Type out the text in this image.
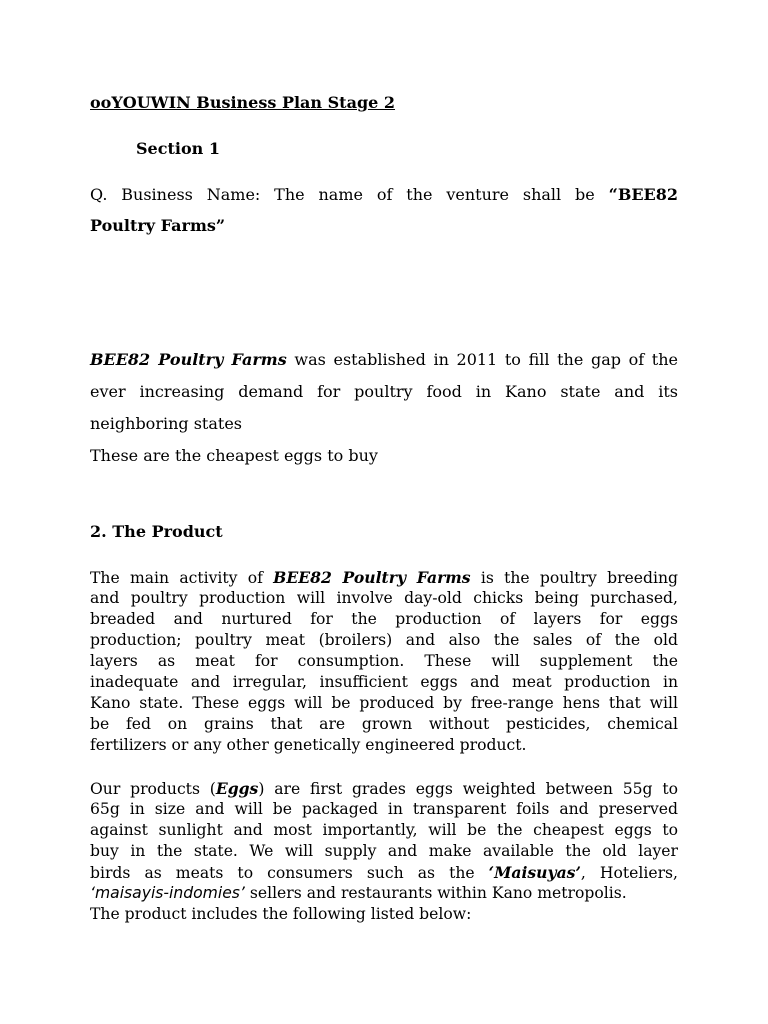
ooYOUWIN Business Plan Stage 2
Section 1
Q. Business Name: The name of the venture shall be “BEE82
Poultry Farms”
BEE82 Poultry Farms was established in 2011 to fill the gap of the
ever increasing demand for poultry food in Kano state and its
neighboring states
These are the cheapest eggs to buy
2. The Product
The main activity of BEE82 Poultry Farms is the poultry breeding
and poultry production will involve day-old chicks being purchased,
breaded and nurtured for the production of layers for eggs
production; poultry meat (broilers) and also the sales of the old
layers as meat for consumption. These will supplement the
inadequate and irregular, insufficient eggs and meat production in
Kano state. These eggs will be produced by free-range hens that will
be fed on grains that are grown without pesticides, chemical
fertilizers or any other genetically engineered product.
Our products (Eggs) are first grades eggs weighted between 55g to
65g in size and will be packaged in transparent foils and preserved
against sunlight and most importantly, will be the cheapest eggs to
buy in the state. We will supply and make available the old layer
birds as meats to consumers such as the ‘Maisuyas’, Hoteliers,
‘maisayis-indomies’ sellers and restaurants within Kano metropolis.
The product includes the following listed below:
